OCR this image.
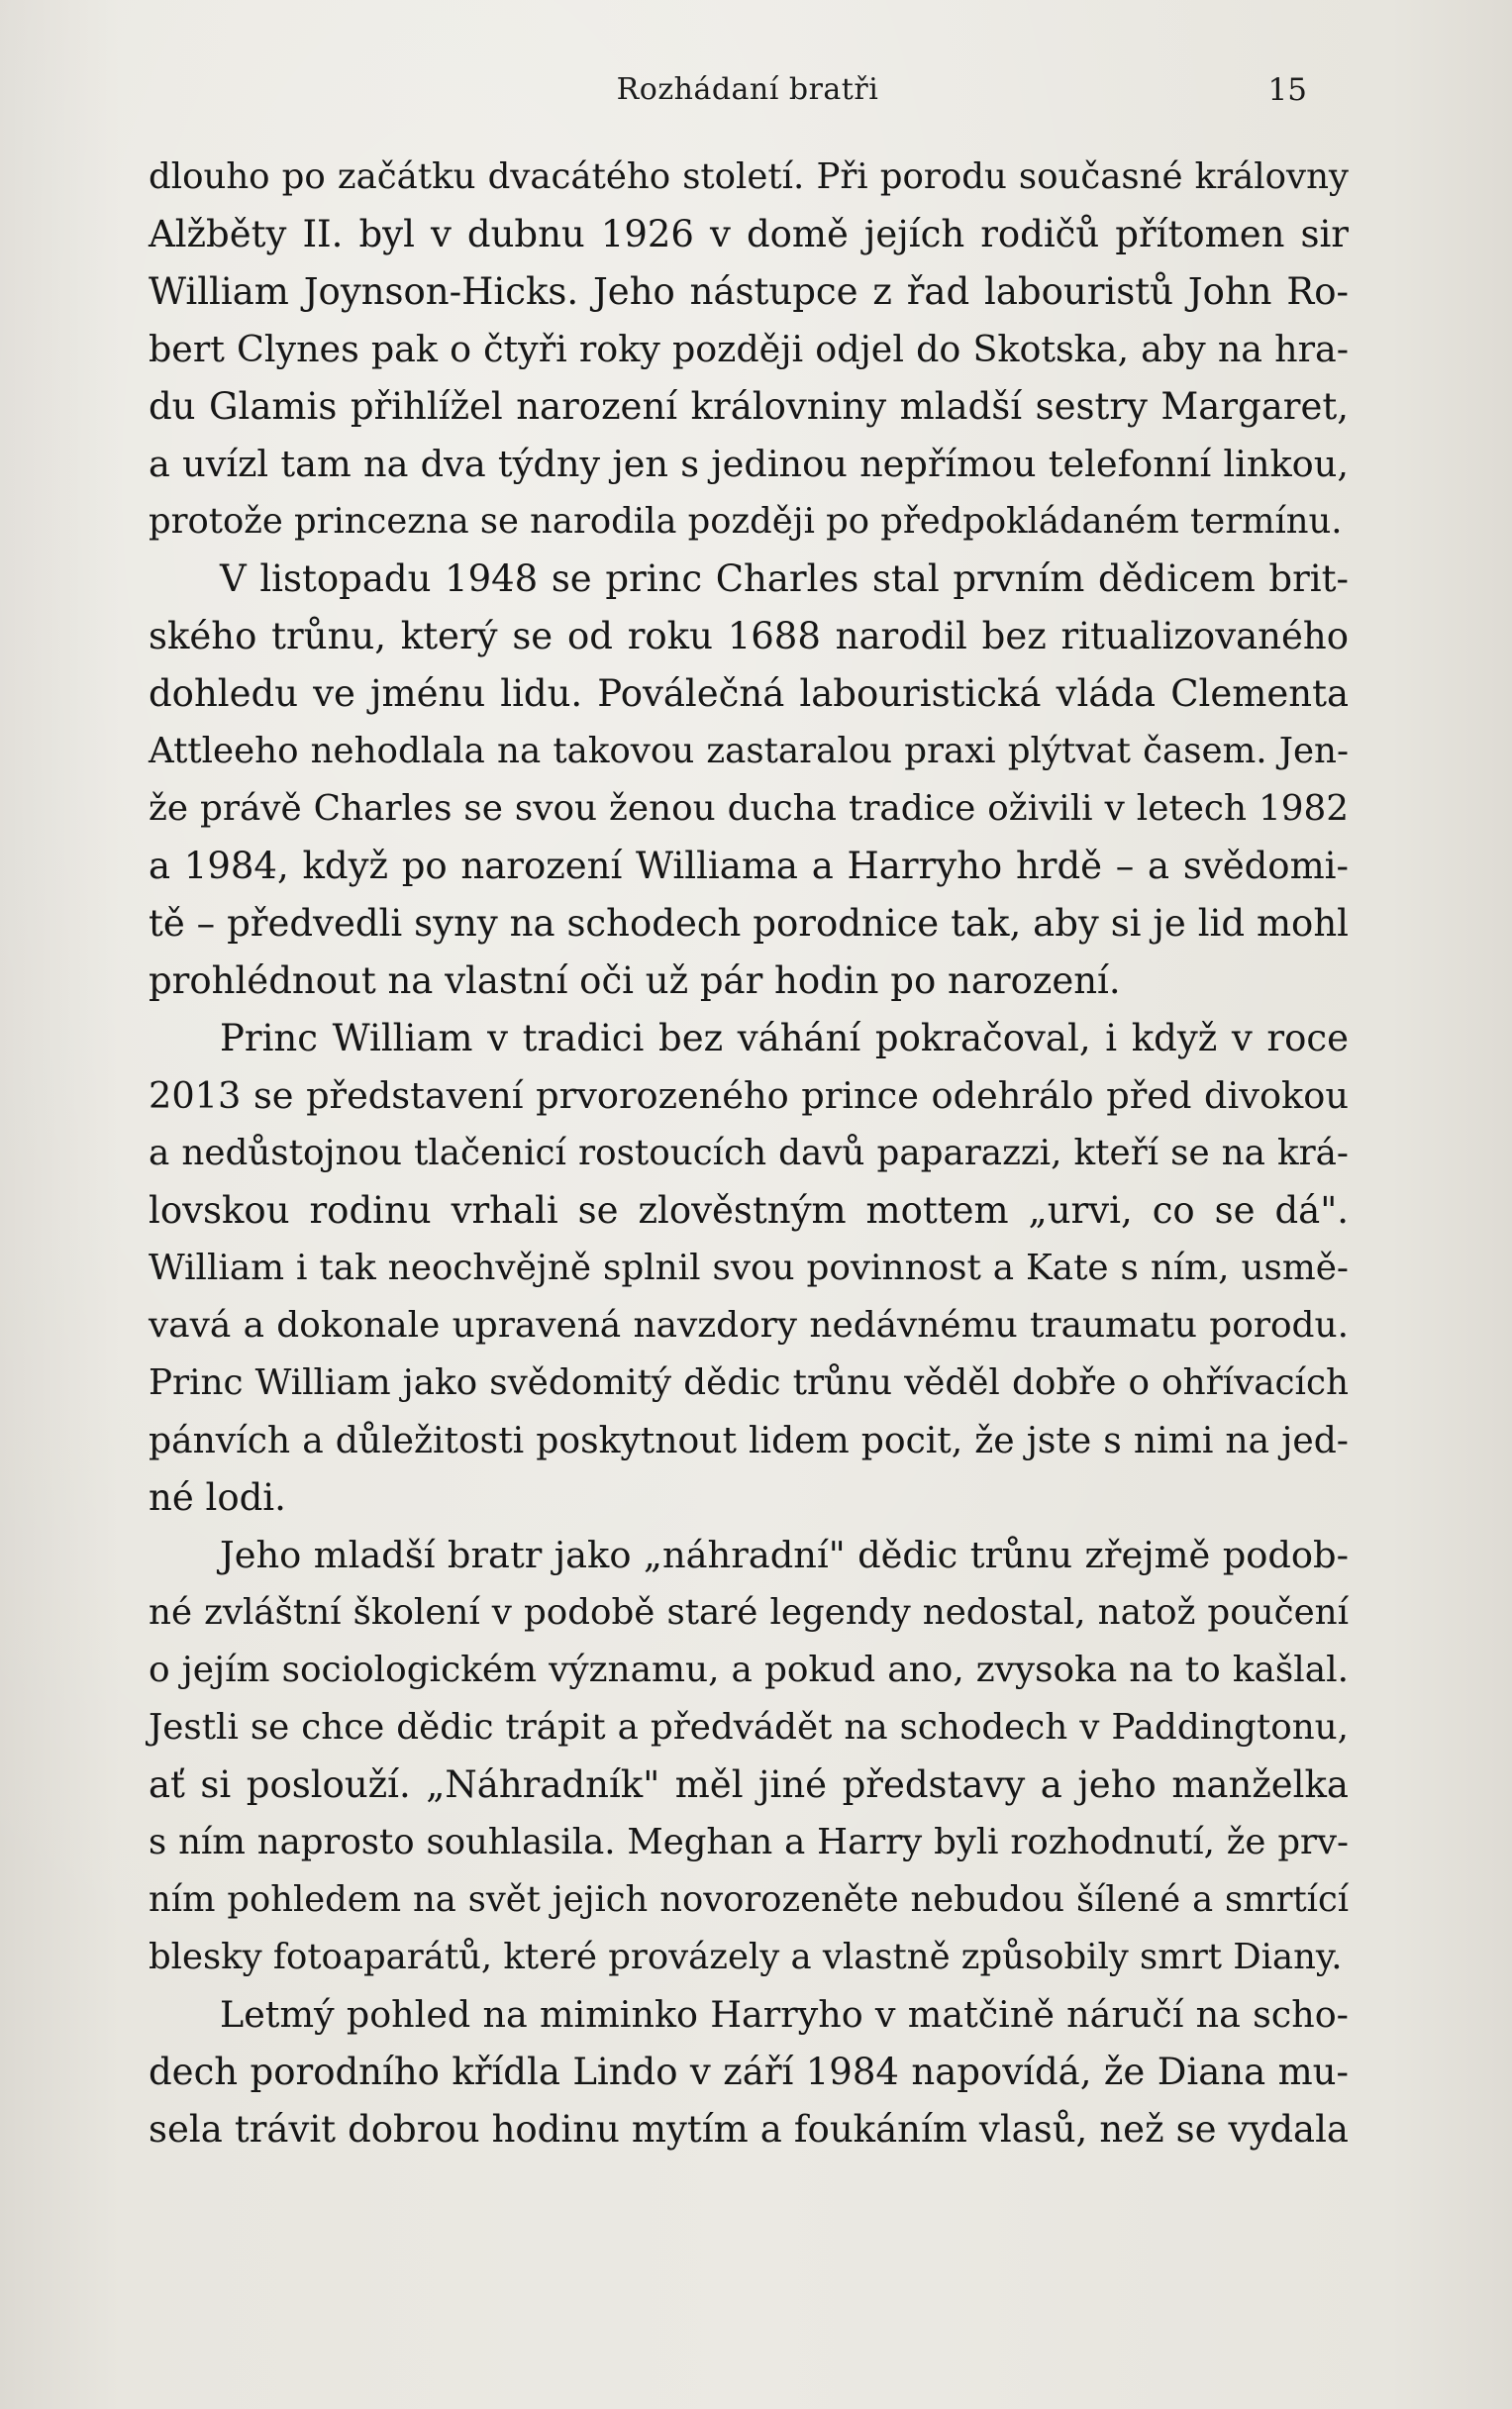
Rozhádaní bratři	15
dlouho po začátku dvacátého století. Při porodu současné královny
Alžběty II. byl v dubnu 1926 v domě jejích rodičů přítomen sir
William Joynson-Hicks. Jeho nástupce z řad labouristů John Ro-
bert Clynes pak o čtyři roky později odjel do Skotska, aby na hra-
du Glamis přihlížel narození královniny mladší sestry Margaret,
a uvízl tam na dva týdny jen s jedinou nepřímou telefonní linkou,
protože princezna se narodila později po předpokládaném termínu.
V listopadu 1948 se princ Charles stal prvním dědicem brit-
ského trůnu, který se od roku 1688 narodil bez ritualizovaného
dohledu ve jménu lidu. Poválečná labouristická vláda Clementa
Attleeho nehodlala na takovou zastaralou praxi plýtvat časem. Jen-
že právě Charles se svou ženou ducha tradice oživili v letech 1982
a 1984, když po narození Williama a Harryho hrdě – a svědomi-
tě – předvedli syny na schodech porodnice tak, aby si je lid mohl
prohlédnout na vlastní oči už pár hodin po narození.
Princ William v tradici bez váhání pokračoval, i když v roce
2013 se představení prvorozeného prince odehrálo před divokou
a nedůstojnou tlačenicí rostoucích davů paparazzi, kteří se na krá-
lovskou rodinu vrhali se zlověstným mottem „urvi, co se dá".
William i tak neochvějně splnil svou povinnost a Kate s ním, usmě-
vavá a dokonale upravená navzdory nedávnému traumatu porodu.
Princ William jako svědomitý dědic trůnu věděl dobře o ohřívacích
pánvích a důležitosti poskytnout lidem pocit, že jste s nimi na jed-
né lodi.
Jeho mladší bratr jako „náhradní" dědic trůnu zřejmě podob-
né zvláštní školení v podobě staré legendy nedostal, natož poučení
o jejím sociologickém významu, a pokud ano, zvysoka na to kašlal.
Jestli se chce dědic trápit a předvádět na schodech v Paddingtonu,
ať si poslouží. „Náhradník" měl jiné představy a jeho manželka
s ním naprosto souhlasila. Meghan a Harry byli rozhodnutí, že prv-
ním pohledem na svět jejich novorozeněte nebudou šílené a smrtící
blesky fotoaparátů, které provázely a vlastně způsobily smrt Diany.
Letmý pohled na miminko Harryho v matčině náručí na scho-
dech porodního křídla Lindo v září 1984 napovídá, že Diana mu-
sela trávit dobrou hodinu mytím a foukáním vlasů, než se vydala
